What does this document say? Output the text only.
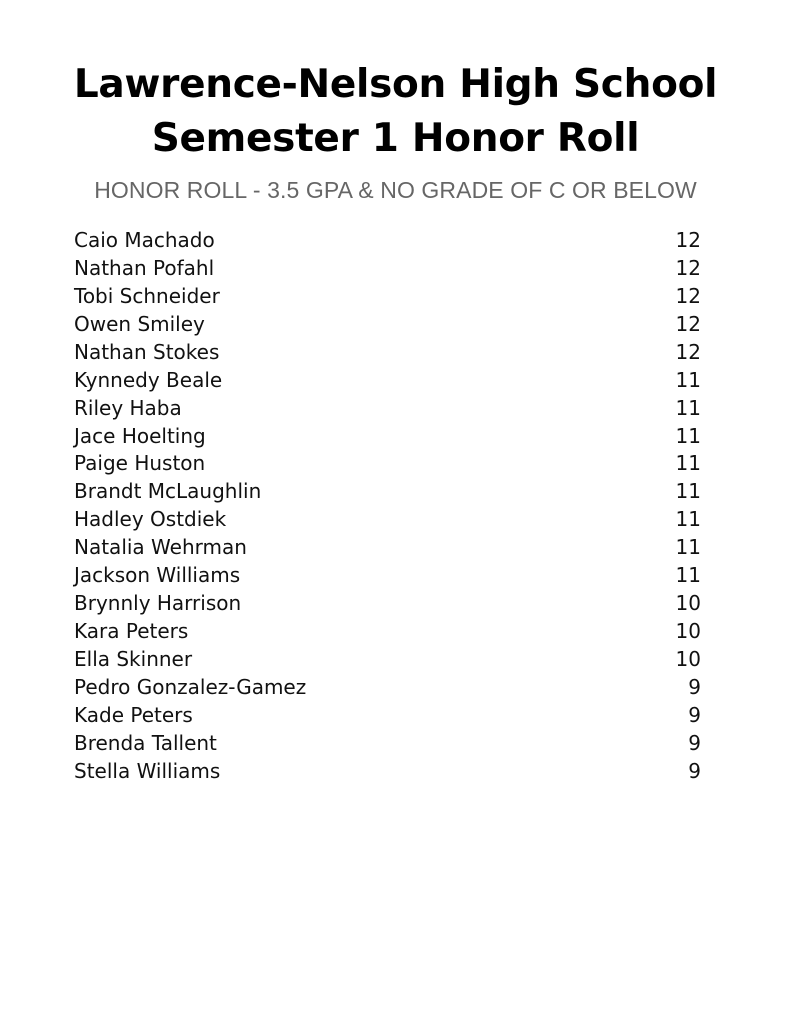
Lawrence-Nelson High School
Semester 1 Honor Roll
HONOR ROLL - 3.5 GPA & NO GRADE OF C OR BELOW
Caio Machado	12
Nathan Pofahl	12
Tobi Schneider	12
Owen Smiley	12
Nathan Stokes	12
Kynnedy Beale	11
Riley Haba	11
Jace Hoelting	11
Paige Huston	11
Brandt McLaughlin	11
Hadley Ostdiek	11
Natalia Wehrman	11
Jackson Williams	11
Brynnly Harrison	10
Kara Peters	10
Ella Skinner	10
Pedro Gonzalez-Gamez	9
Kade Peters	9
Brenda Tallent	9
Stella Williams	9
